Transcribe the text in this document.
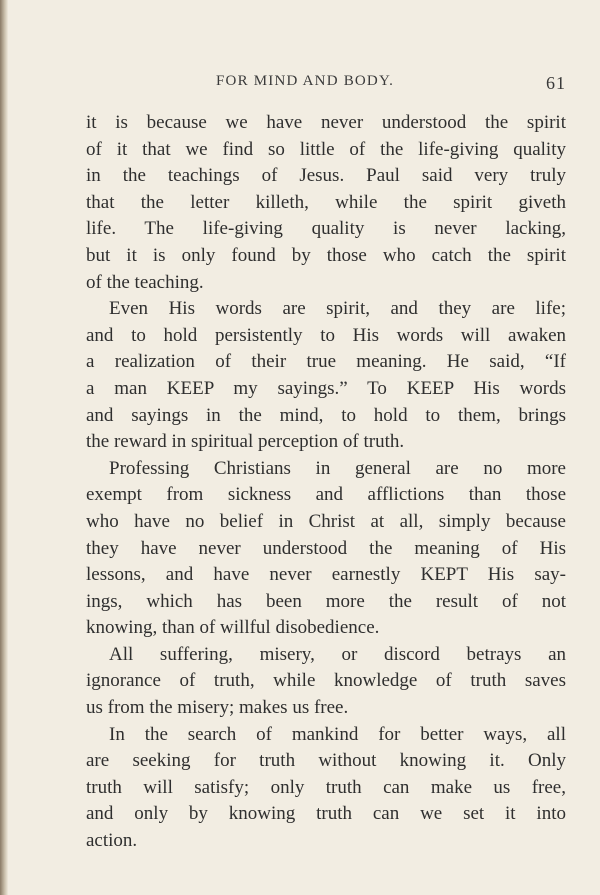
FOR MIND AND BODY.	61
it is because we have never understood the spirit
of it that we find so little of the life-giving quality
in the teachings of Jesus. Paul said very truly
that the letter killeth, while the spirit giveth
life. The life-giving quality is never lacking,
but it is only found by those who catch the spirit
of the teaching.
Even His words are spirit, and they are life;
and to hold persistently to His words will awaken
a realization of their true meaning. He said, “If
a man KEEP my sayings.” To KEEP His words
and sayings in the mind, to hold to them, brings
the reward in spiritual perception of truth.
Professing Christians in general are no more
exempt from sickness and afflictions than those
who have no belief in Christ at all, simply because
they have never understood the meaning of His
lessons, and have never earnestly KEPT His say-
ings, which has been more the result of not
knowing, than of willful disobedience.
All suffering, misery, or discord betrays an
ignorance of truth, while knowledge of truth saves
us from the misery; makes us free.
In the search of mankind for better ways, all
are seeking for truth without knowing it. Only
truth will satisfy; only truth can make us free,
and only by knowing truth can we set it into
action.
